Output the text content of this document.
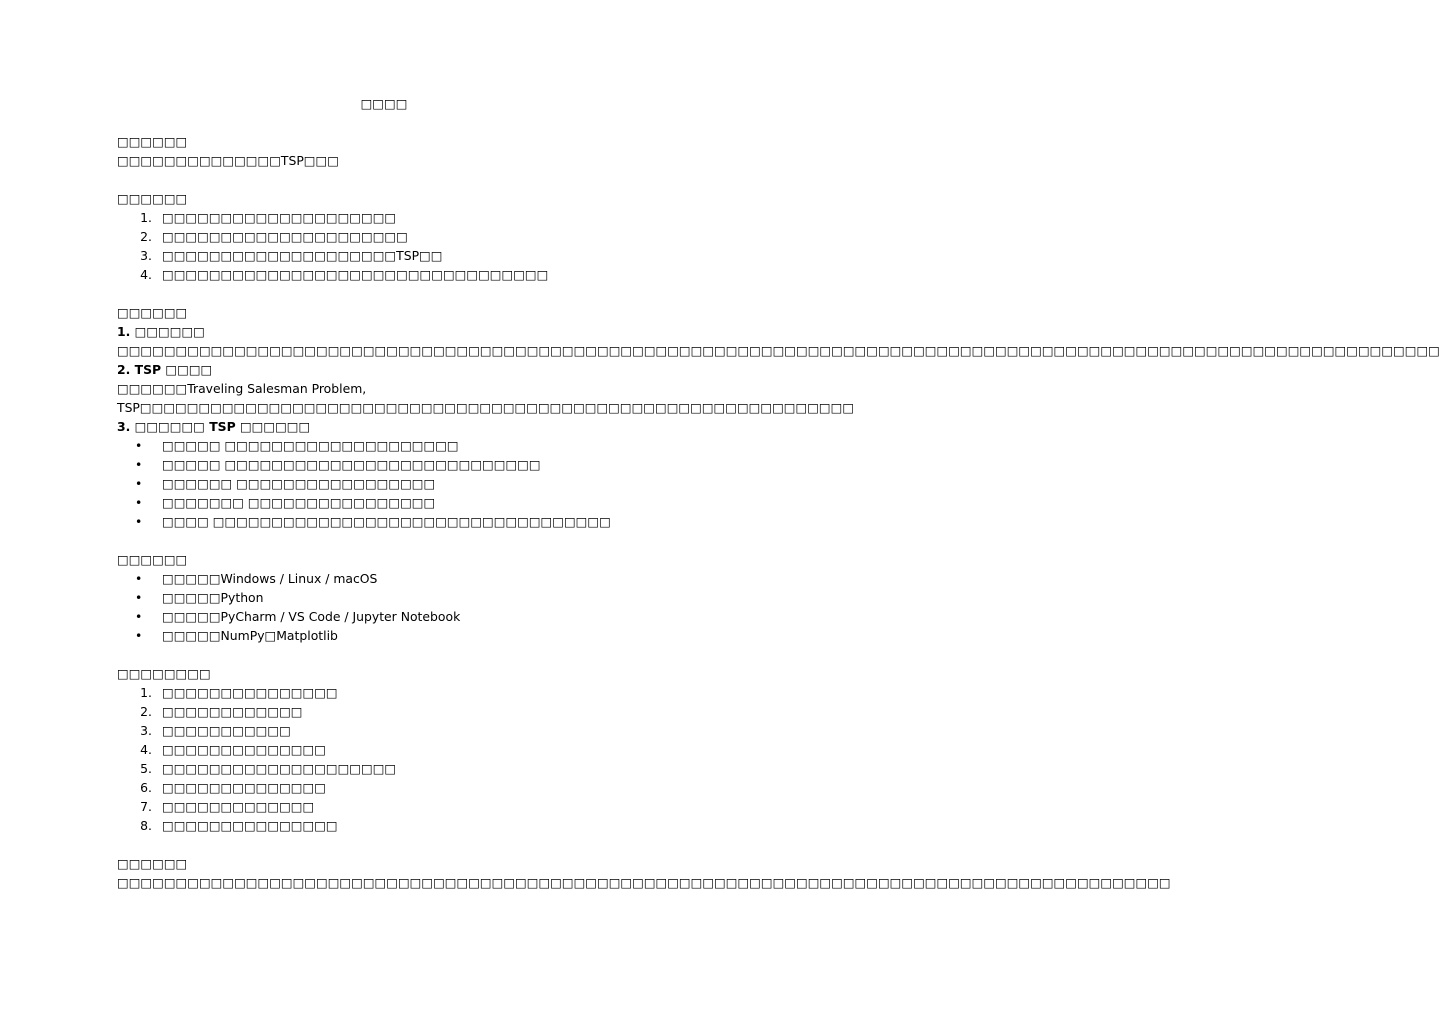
□□□□
□□□□□□
□□□□□□□□□□□□□□TSP□□□
□□□□□□
1. □□□□□□□□□□□□□□□□□□□□
2. □□□□□□□□□□□□□□□□□□□□□
3. □□□□□□□□□□□□□□□□□□□□TSP□□
4. □□□□□□□□□□□□□□□□□□□□□□□□□□□□□□□□□
□□□□□□
1. □□□□□□
□□□□□□□□□□□□□□□□□□□□□□□□□□□□□□□□□□□□□□□□□□□□□□□□□□□□□□□□□□□□□□□□□□□□□□□□□□□□□□□□□□□□□□□□□□□□□□□□□□□□□□□□□□□□□□□□□
2. TSP □□□□
□□□□□□Traveling Salesman Problem, TSP□□□□□□□□□□□□□□□□□□□□□□□□□□□□□□□□□□□□□□□□□□□□□□□□□□□□□□□□□□□□□
3. □□□□□□ TSP □□□□□□
• □□□□□ □□□□□□□□□□□□□□□□□□□□
• □□□□□ □□□□□□□□□□□□□□□□□□□□□□□□□□□
• □□□□□□ □□□□□□□□□□□□□□□□□
• □□□□□□□ □□□□□□□□□□□□□□□□
• □□□□ □□□□□□□□□□□□□□□□□□□□□□□□□□□□□□□□□□
□□□□□□
• □□□□□Windows / Linux / macOS
• □□□□□Python
• □□□□□PyCharm / VS Code / Jupyter Notebook
• □□□□□NumPy□Matplotlib
□□□□□□□□
1. □□□□□□□□□□□□□□□
2. □□□□□□□□□□□□
3. □□□□□□□□□□□
4. □□□□□□□□□□□□□□
5. □□□□□□□□□□□□□□□□□□□□
6. □□□□□□□□□□□□□□
7. □□□□□□□□□□□□□
8. □□□□□□□□□□□□□□□
□□□□□□
□□□□□□□□□□□□□□□□□□□□□□□□□□□□□□□□□□□□□□□□□□□□□□□□□□□□□□□□□□□□□□□□□□□□□□□□□□□□□□□□□□□□□□□□□□
